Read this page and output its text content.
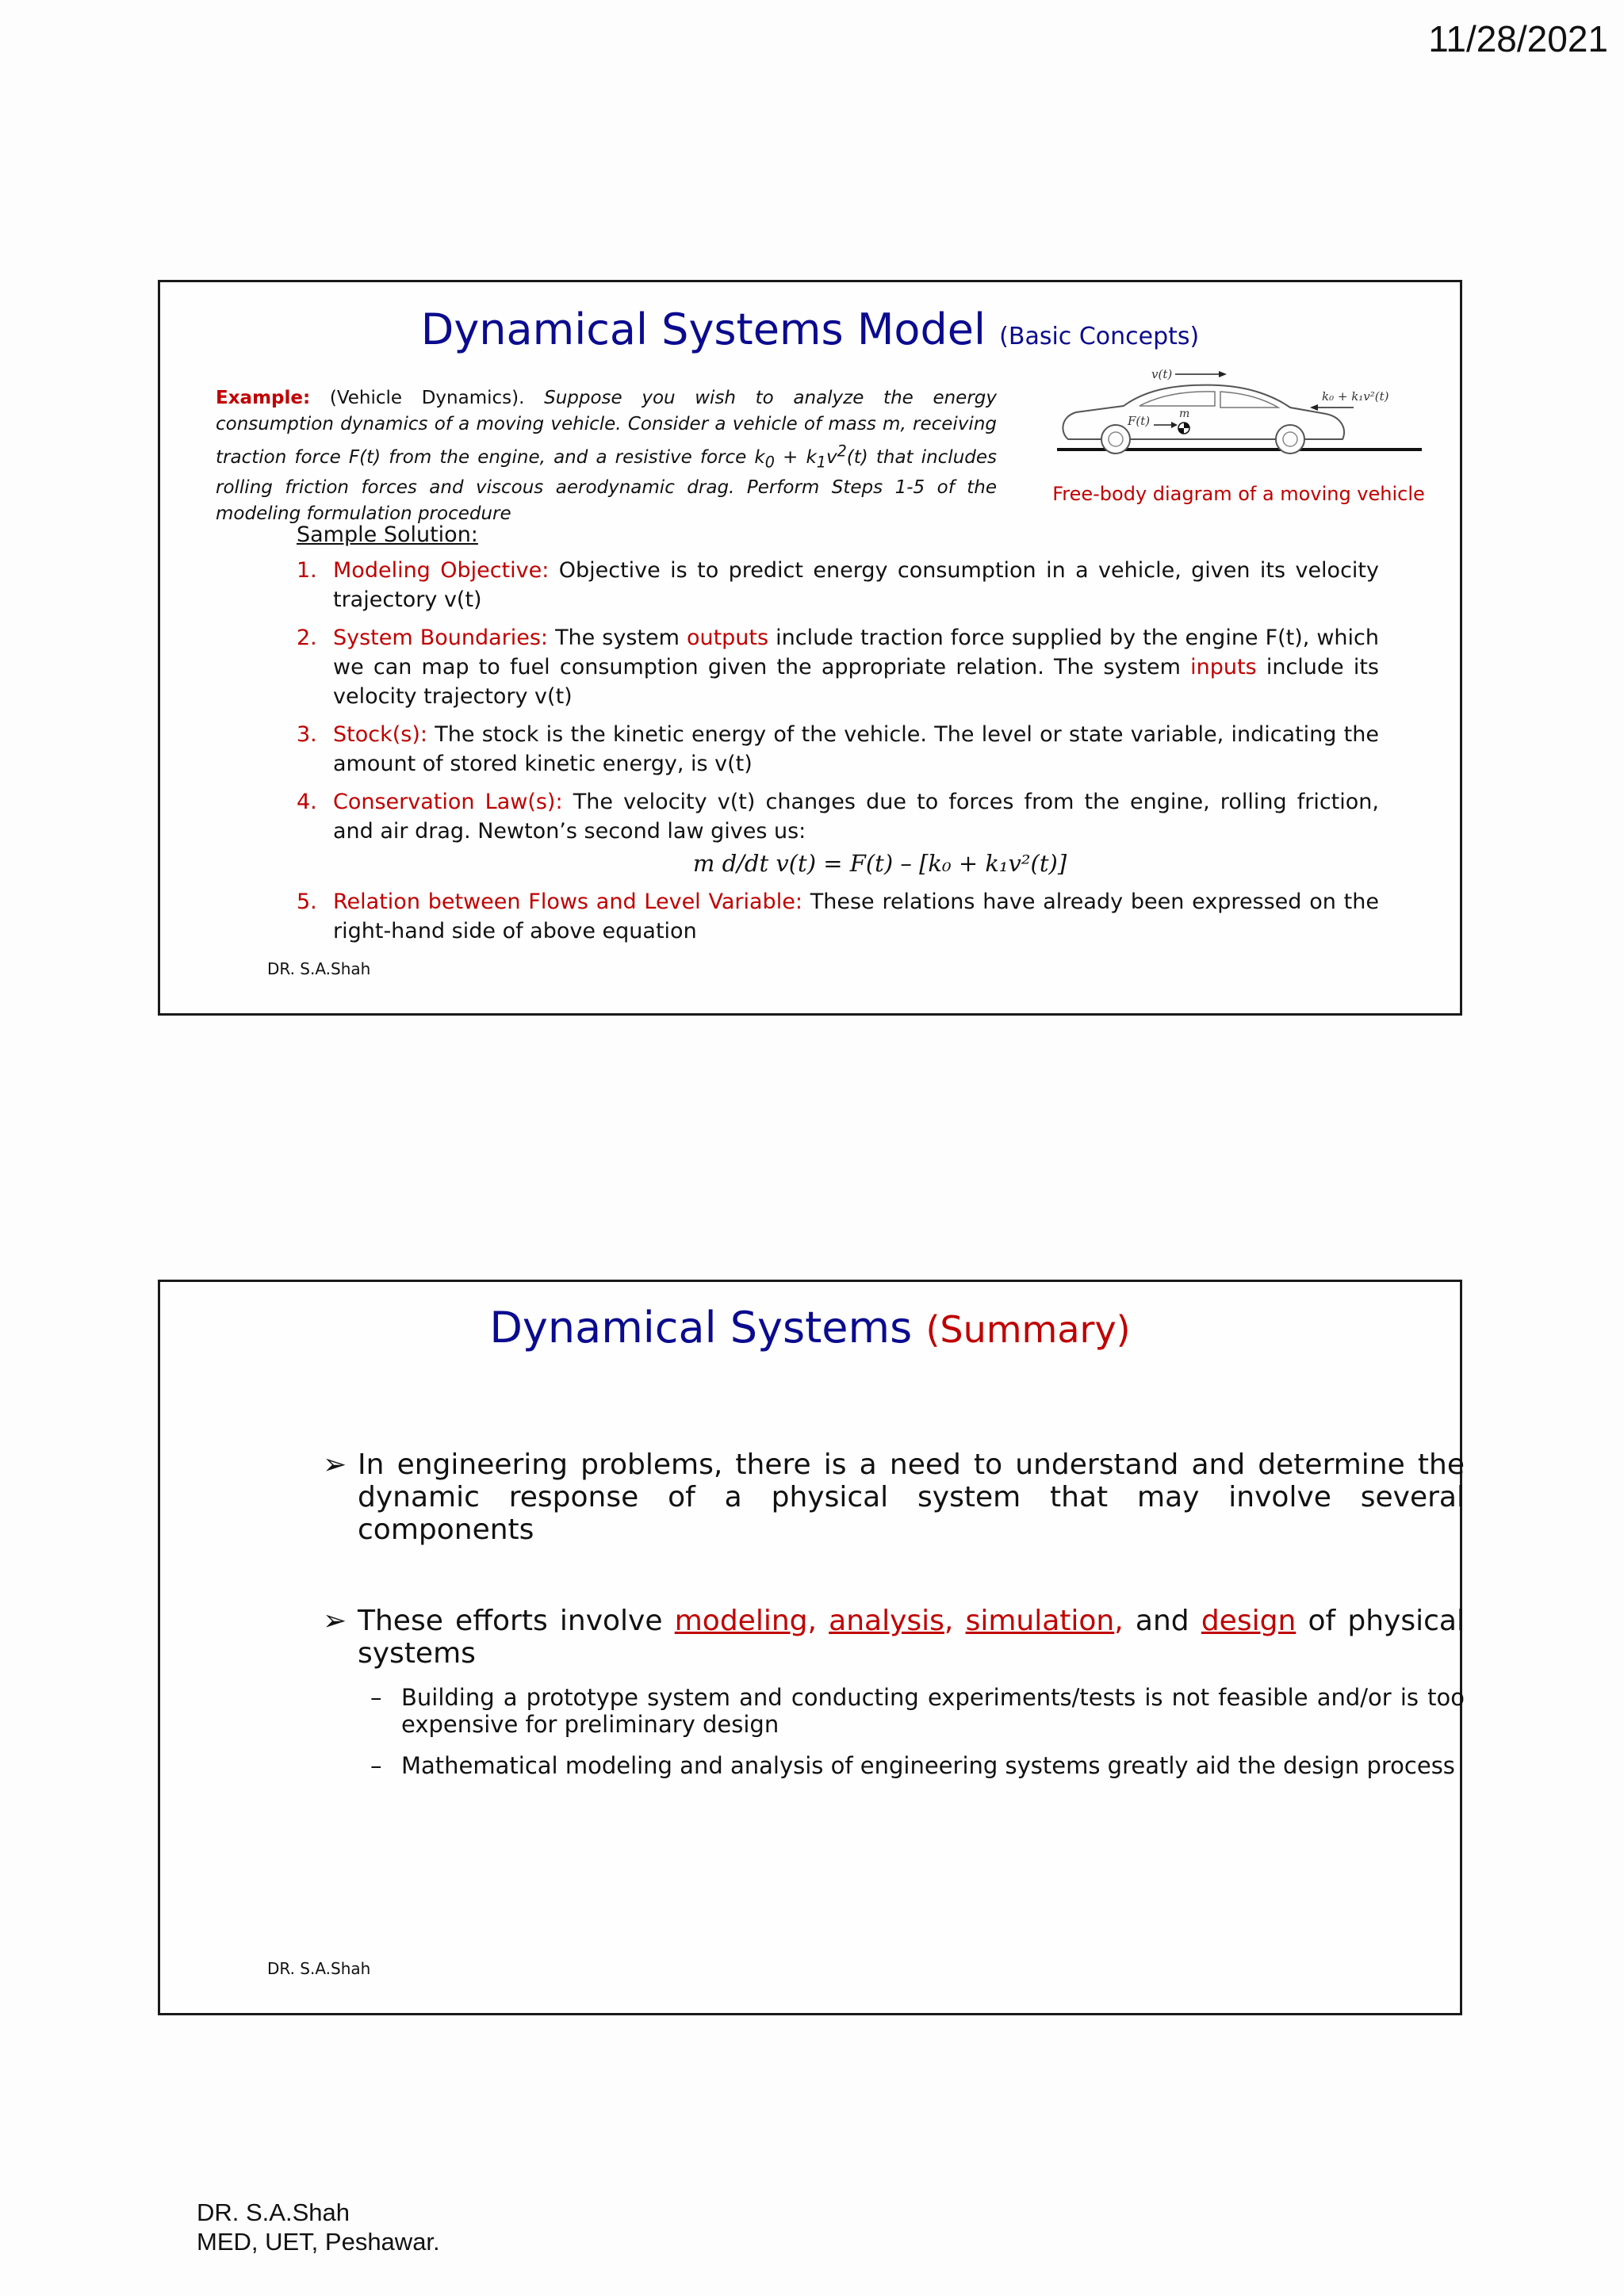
11/28/2021
Dynamical Systems Model (Basic Concepts)
Example: (Vehicle Dynamics). Suppose you wish to analyze the energy consumption dynamics of a moving vehicle. Consider a vehicle of mass m, receiving traction force F(t) from the engine, and a resistive force $k_0 + k_1v^2(t)$ that includes rolling friction forces and viscous aerodynamic drag. Perform Steps 1-5 of the modeling formulation procedure
v(t)
F(t)	m
k₀ + k₁v²(t)
Free-body diagram of a moving vehicle
Sample Solution:
1. Modeling Objective: Objective is to predict energy consumption in a vehicle, given its velocity trajectory v(t)
2. System Boundaries: The system outputs include traction force supplied by the engine F(t), which we can map to fuel consumption given the appropriate relation. The system inputs include its velocity trajectory v(t)
3. Stock(s): The stock is the kinetic energy of the vehicle. The level or state variable, indicating the amount of stored kinetic energy, is v(t)
4. Conservation Law(s): The velocity v(t) changes due to forces from the engine, rolling friction, and air drag. Newton’s second law gives us:
m d/dt v(t) = F(t) – [k₀ + k₁v²(t)]
5. Relation between Flows and Level Variable: These relations have already been expressed on the right-hand side of above equation
DR. S.A.Shah
Dynamical Systems (Summary)
➢ In engineering problems, there is a need to understand and determine the dynamic response of a physical system that may involve several components
➢ These efforts involve modeling, analysis, simulation, and design of physical systems
– Building a prototype system and conducting experiments/tests is not feasible and/or is too expensive for preliminary design
– Mathematical modeling and analysis of engineering systems greatly aid the design process
DR. S.A.Shah
DR. S.A.Shah
MED, UET, Peshawar.
